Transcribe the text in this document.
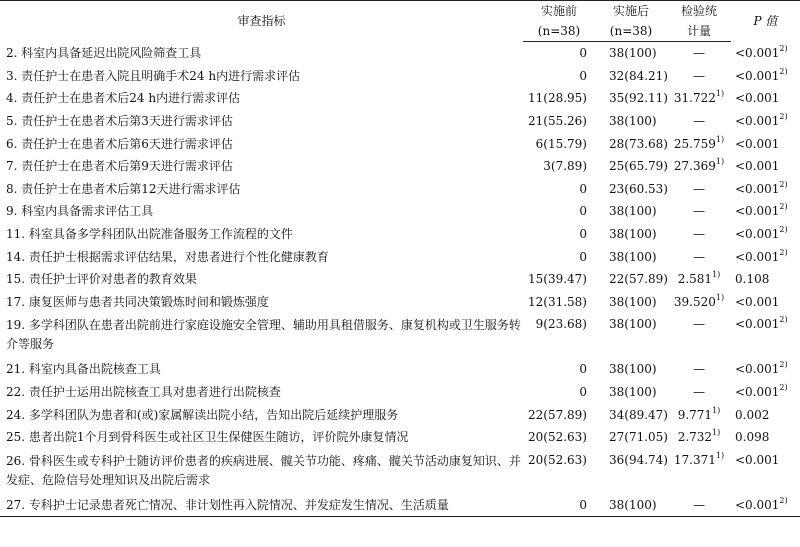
审查指标	实施前	实施后	检验统	P 值
	(n=38)	(n=38)	计量	
2. 科室内具备延迟出院风险筛查工具	0	38(100)	—	$<0.001^{2)}$
3. 责任护士在患者入院且明确手术24 h内进行需求评估	0	32(84.21)	—	$<0.001^{2)}$
4. 责任护士在患者术后24 h内进行需求评估	11(28.95)	35(92.11)	$31.722^{1)}$	<0.001
5. 责任护士在患者术后第3天进行需求评估	21(55.26)	38(100)	—	$<0.001^{2)}$
6. 责任护士在患者术后第6天进行需求评估	6(15.79)	28(73.68)	$25.759^{1)}$	<0.001
7. 责任护士在患者术后第9天进行需求评估	3(7.89)	25(65.79)	$27.369^{1)}$	<0.001
8. 责任护士在患者术后第12天进行需求评估	0	23(60.53)	—	$<0.001^{2)}$
9. 科室内具备需求评估工具	0	38(100)	—	$<0.001^{2)}$
11. 科室具备多学科团队出院准备服务工作流程的文件	0	38(100)	—	$<0.001^{2)}$
14. 责任护士根据需求评估结果，对患者进行个性化健康教育	0	38(100)	—	$<0.001^{2)}$
15. 责任护士评价对患者的教育效果	15(39.47)	22(57.89)	2.581$^{1)}$	0.108
17. 康复医师与患者共同决策锻炼时间和锻炼强度	12(31.58)	38(100)	$39.520^{1)}$	<0.001
19. 多学科团队在患者出院前进行家庭设施安全管理、辅助用具租借服务、康复机构或卫生服务转介等服务	9(23.68)	38(100)	—	$<0.001^{2)}$
21. 科室内具备出院核查工具	0	38(100)	—	$<0.001^{2)}$
22. 责任护士运用出院核查工具对患者进行出院核查	0	38(100)	—	$<0.001^{2)}$
24. 多学科团队为患者和(或)家属解读出院小结，告知出院后延续护理服务	22(57.89)	34(89.47)	9.771$^{1)}$	0.002
25. 患者出院1个月到骨科医生或社区卫生保健医生随访，评价院外康复情况	20(52.63)	27(71.05)	2.732$^{1)}$	0.098
26. 骨科医生或专科护士随访评价患者的疾病进展、髋关节功能、疼痛、髋关节活动康复知识、并发症、危险信号处理知识及出院后需求	20(52.63)	36(94.74)	$17.371^{1)}$	<0.001
27. 专科护士记录患者死亡情况、非计划性再入院情况、并发症发生情况、生活质量	0	38(100)	—	$<0.001^{2)}$
